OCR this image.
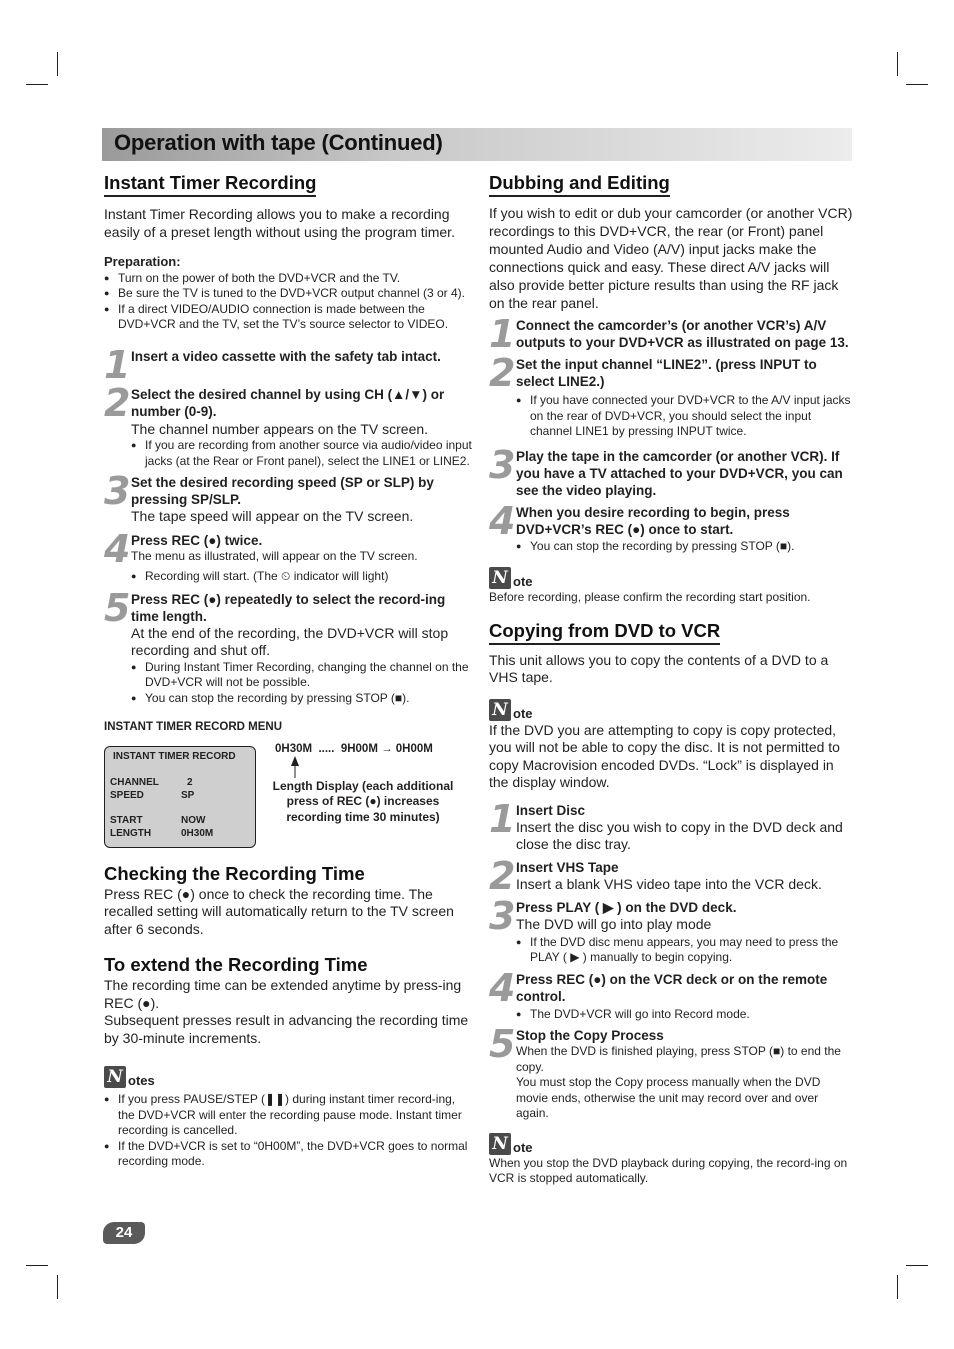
Operation with tape (Continued)
Instant Timer Recording

Instant Timer Recording allows you to make a recording easily of a preset length without using the program timer.

Preparation:

● Turn on the power of both the DVD+VCR and the TV.
● Be sure the TV is tuned to the DVD+VCR output channel (3 or 4).
● If a direct VIDEO/AUDIO connection is made between the DVD+VCR and the TV, set the TV’s source selector to VIDEO.
1 Insert a video cassette with the safety tab intact.
2 Select the desired channel by using CH (▲/▼) or number (0-9).

The channel number appears on the TV screen.

● If you are recording from another source via audio/video input jacks (at the Rear or Front panel), select the LINE1 or LINE2.
3 Set the desired recording speed (SP or SLP) by pressing SP/SLP.

The tape speed will appear on the TV screen.

4 Press REC (●) twice.

The menu as illustrated, will appear on the TV screen.

● Recording will start. (The ⏲ indicator will light)
5 Press REC (●) repeatedly to select the record-ing time length.

At the end of the recording, the DVD+VCR will stop recording and shut off.

● During Instant Timer Recording, changing the channel on the DVD+VCR will not be possible.
● You can stop the recording by pressing STOP (■).

INSTANT TIMER RECORD MENU

INSTANT TIMER RECORD
CHANNEL	2
SPEED	SP
START	NOW
LENGTH	0H30M
0H30M  .....  9H00M → 0H00M
Length Display (each additional press of REC (●) increases recording time 30 minutes)
Checking the Recording Time

Press REC (●) once to check the recording time. The recalled setting will automatically return to the TV screen after 6 seconds.

To extend the Recording Time

The recording time can be extended anytime by press-ing REC (●).

Subsequent presses result in advancing the recording time by 30-minute increments.

N otes
● If you press PAUSE/STEP (❚❚) during instant timer record-ing, the DVD+VCR will enter the recording pause mode. Instant timer recording is cancelled.
● If the DVD+VCR is set to “0H00M”, the DVD+VCR goes to normal recording mode.
Dubbing and Editing

If you wish to edit or dub your camcorder (or another VCR) recordings to this DVD+VCR, the rear (or Front) panel mounted Audio and Video (A/V) input jacks make the connections quick and easy. These direct A/V jacks will also provide better picture results than using the RF jack on the rear panel.

1 Connect the camcorder’s (or another VCR’s) A/V outputs to your DVD+VCR as illustrated on page 13.
2 Set the input channel “LINE2”. (press INPUT to select LINE2.)
● If you have connected your DVD+VCR to the A/V input jacks on the rear of DVD+VCR, you should select the input channel LINE1 by pressing INPUT twice.
3 Play the tape in the camcorder (or another VCR). If you have a TV attached to your DVD+VCR, you can see the video playing.
4 When you desire recording to begin, press DVD+VCR’s REC (●) once to start.
● You can stop the recording by pressing STOP (■).
N ote

Before recording, please confirm the recording start position.

Copying from DVD to VCR

This unit allows you to copy the contents of a DVD to a VHS tape.

N ote

If the DVD you are attempting to copy is copy protected, you will not be able to copy the disc. It is not permitted to copy Macrovision encoded DVDs. “Lock” is displayed in the display window.

1 Insert Disc

Insert the disc you wish to copy in the DVD deck and close the disc tray.

2 Insert VHS Tape

Insert a blank VHS video tape into the VCR deck.

3 Press PLAY ( ▶ ) on the DVD deck.

The DVD will go into play mode

● If the DVD disc menu appears, you may need to press the PLAY ( ▶ ) manually to begin copying.
4 Press REC (●) on the VCR deck or on the remote control.
● The DVD+VCR will go into Record mode.
5 Stop the Copy Process

When the DVD is finished playing, press STOP (■) to end the copy.

You must stop the Copy process manually when the DVD movie ends, otherwise the unit may record over and over again.

N ote

When you stop the DVD playback during copying, the record-ing on VCR is stopped automatically.

24
